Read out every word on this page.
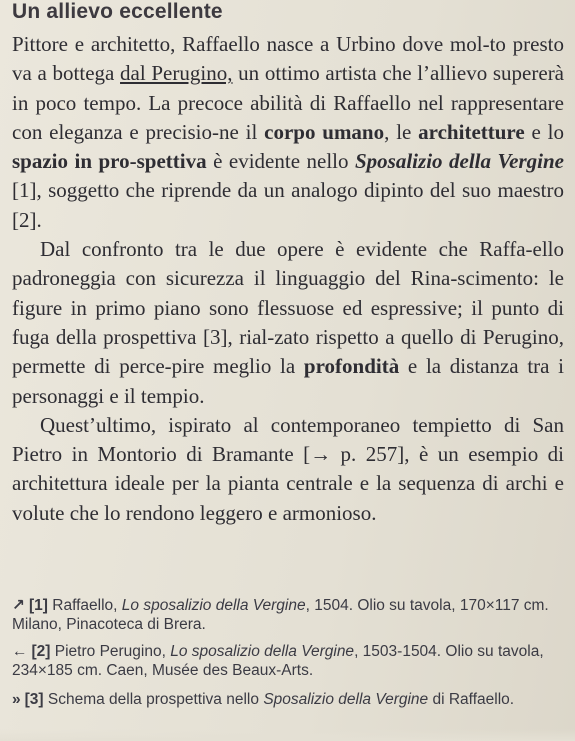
Un allievo eccellente

Pittore e architetto, Raffaello nasce a Urbino dove mol-to presto va a bottega dal Perugino, un ottimo artista che l’allievo supererà in poco tempo. La precoce abilità di Raffaello nel rappresentare con eleganza e precisio-ne il corpo umano, le architetture e lo spazio in pro-spettiva è evidente nello Sposalizio della Vergine [1], soggetto che riprende da un analogo dipinto del suo maestro [2].

Dal confronto tra le due opere è evidente che Raffa-ello padroneggia con sicurezza il linguaggio del Rina-scimento: le figure in primo piano sono flessuose ed espressive; il punto di fuga della prospettiva [3], rial-zato rispetto a quello di Perugino, permette di perce-pire meglio la profondità e la distanza tra i personaggi e il tempio.

Quest’ultimo, ispirato al contemporaneo tempietto di San Pietro in Montorio di Bramante [→ p. 257], è un esempio di architettura ideale per la pianta centrale e la sequenza di archi e volute che lo rendono leggero e armonioso.

↗ [1] Raffaello, Lo sposalizio della Vergine, 1504. Olio su tavola, 170×117 cm. Milano, Pinacoteca di Brera.
← [2] Pietro Perugino, Lo sposalizio della Vergine, 1503-1504. Olio su tavola, 234×185 cm. Caen, Musée des Beaux-Arts.
» [3] Schema della prospettiva nello Sposalizio della Vergine di Raffaello.
